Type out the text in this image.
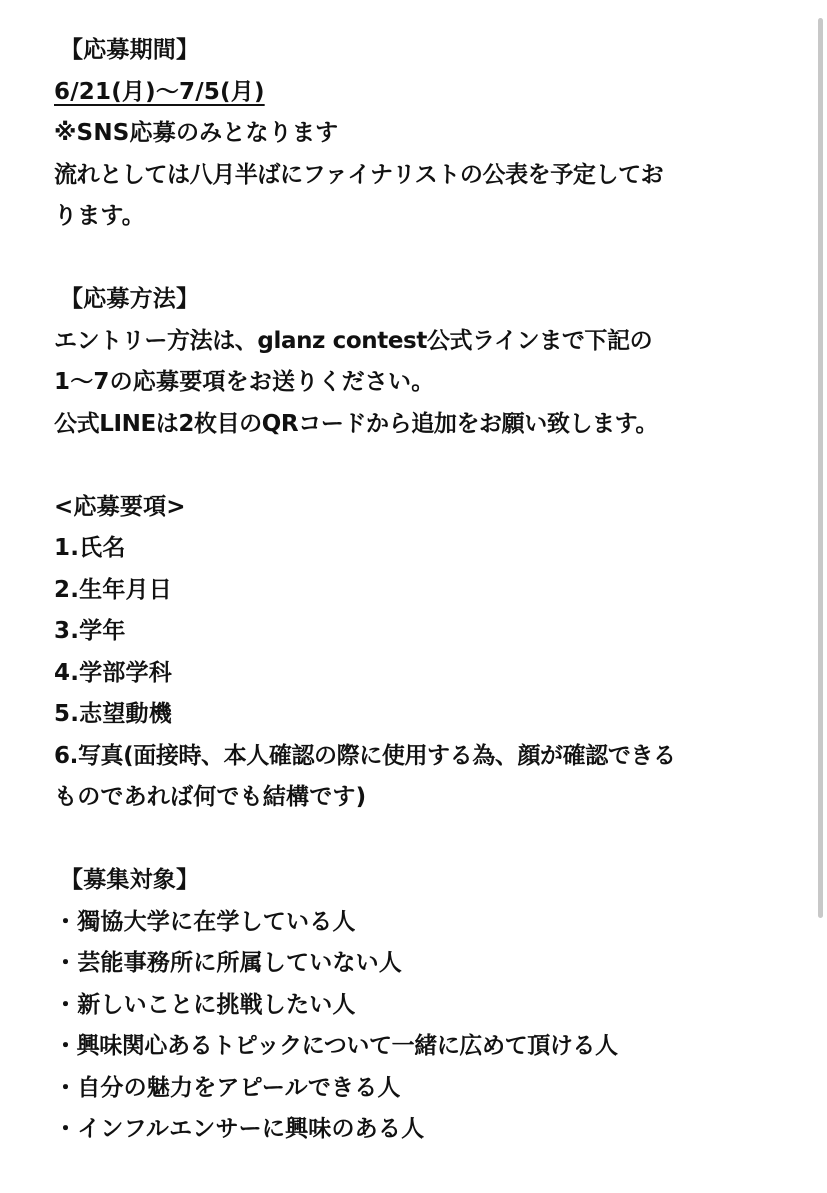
【応募期間】
6/21(月)〜7/5(月)
※SNS応募のみとなります
流れとしては八月半ばにファイナリストの公表を予定してお
ります。
【応募方法】
エントリー方法は、glanz contest公式ラインまで下記の
1〜7の応募要項をお送りください。
公式LINEは2枚目のQRコードから追加をお願い致します。
<応募要項>
1.氏名
2.生年月日
3.学年
4.学部学科
5.志望動機
6.写真(面接時、本人確認の際に使用する為、顔が確認できる
ものであれば何でも結構です)
【募集対象】
・獨協大学に在学している人
・芸能事務所に所属していない人
・新しいことに挑戦したい人
・興味関心あるトピックについて一緒に広めて頂ける人
・自分の魅力をアピールできる人
・インフルエンサーに興味のある人
